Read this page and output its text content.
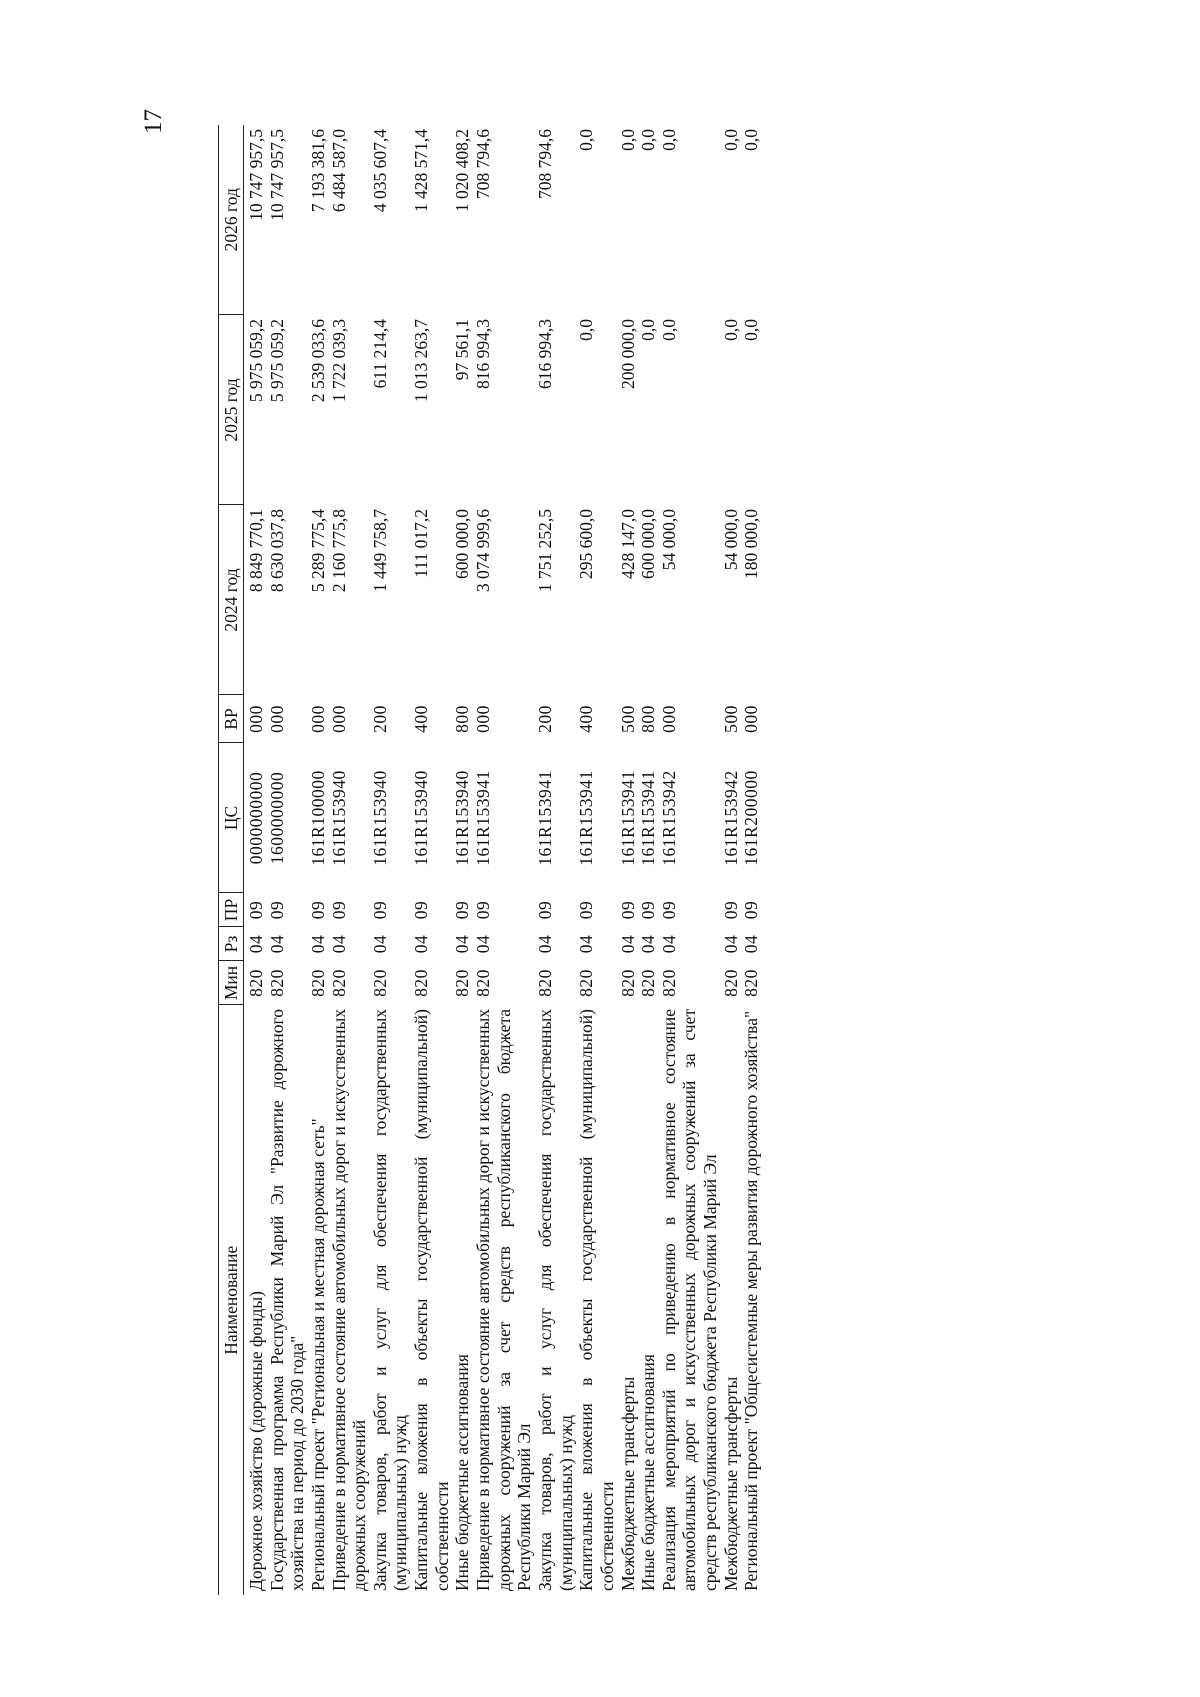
17
Наименование	Мин	Рз	ПР	ЦС	ВР	2024 год	2025 год	2026 год
Дорожное хозяйство (дорожные фонды)	820	04	09	0000000000	000	8 849 770,1	5 975 059,2	10 747 957,5
Государственная программа Республики Марий Эл "Развитие дорожного хозяйства на период до 2030 года"	820	04	09	1600000000	000	8 630 037,8	5 975 059,2	10 747 957,5
Региональный проект "Региональная и местная дорожная сеть"	820	04	09	161R100000	000	5 289 775,4	2 539 033,6	7 193 381,6
Приведение в нормативное состояние автомобильных дорог и искусственных дорожных сооружений	820	04	09	161R153940	000	2 160 775,8	1 722 039,3	6 484 587,0
Закупка товаров, работ и услуг для обеспечения государственных (муниципальных) нужд	820	04	09	161R153940	200	1 449 758,7	611 214,4	4 035 607,4
Капитальные вложения в объекты государственной (муниципальной) собственности	820	04	09	161R153940	400	111 017,2	1 013 263,7	1 428 571,4
Иные бюджетные ассигнования	820	04	09	161R153940	800	600 000,0	97 561,1	1 020 408,2
Приведение в нормативное состояние автомобильных дорог и искусственных дорожных сооружений за счет средств республиканского бюджета Республики Марий Эл	820	04	09	161R153941	000	3 074 999,6	816 994,3	708 794,6
Закупка товаров, работ и услуг для обеспечения государственных (муниципальных) нужд	820	04	09	161R153941	200	1 751 252,5	616 994,3	708 794,6
Капитальные вложения в объекты государственной (муниципальной) собственности	820	04	09	161R153941	400	295 600,0	0,0	0,0
Межбюджетные трансферты	820	04	09	161R153941	500	428 147,0	200 000,0	0,0
Иные бюджетные ассигнования	820	04	09	161R153941	800	600 000,0	0,0	0,0
Реализация мероприятий по приведению в нормативное состояние автомобильных дорог и искусственных дорожных сооружений за счет средств республиканского бюджета Республики Марий Эл	820	04	09	161R153942	000	54 000,0	0,0	0,0
Межбюджетные трансферты	820	04	09	161R153942	500	54 000,0	0,0	0,0
Региональный проект "Общесистемные меры развития дорожного хозяйства"	820	04	09	161R200000	000	180 000,0	0,0	0,0
